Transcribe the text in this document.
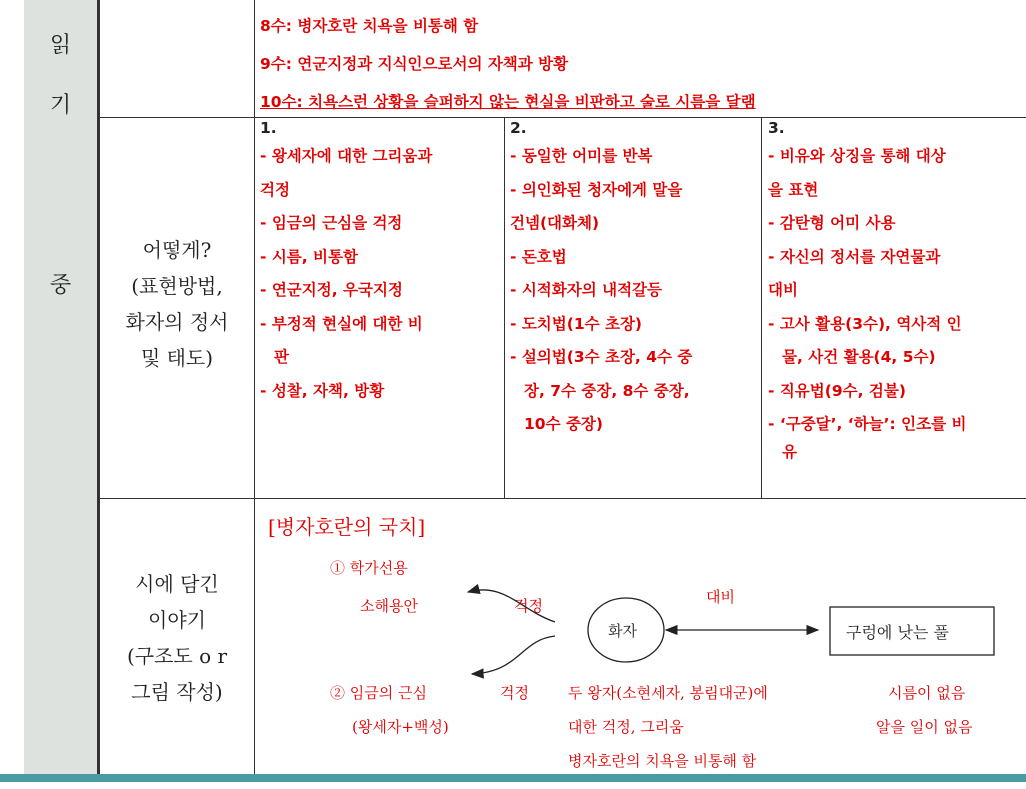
읽
기
중
8수: 병자호란 치욕을 비통해 함
9수: 연군지정과 지식인으로서의 자책과 방황
10수: 치욕스런 상황을 슬퍼하지 않는 현실을 비판하고 술로 시름을 달램
어떻게?
(표현방법,
화자의 정서
및 태도)
1.
- 왕세자에 대한 그리움과
걱정
- 임금의 근심을 걱정
- 시름, 비통함
- 연군지정, 우국지정
- 부정적 현실에 대한 비
판
- 성찰, 자책, 방황
2.
- 동일한 어미를 반복
- 의인화된 청자에게 말을
건넴(대화체)
- 돈호법
- 시적화자의 내적갈등
- 도치법(1수 초장)
- 설의법(3수 초장, 4수 중
장, 7수 중장, 8수 중장,
10수 중장)
3.
- 비유와 상징을 통해 대상
을 표현
- 감탄형 어미 사용
- 자신의 정서를 자연물과
대비
- 고사 활용(3수), 역사적 인
물, 사건 활용(4, 5수)
- 직유법(9수, 검불)
- ‘구중달’, ‘하늘’: 인조를 비
유
시에 담긴
이야기
(구조도 o r
그림 작성)
[병자호란의 국치]
① 학가선용
소해용안	걱정	대비
화자	구렁에 낫는 풀
② 임금의 근심	걱정	두 왕자(소현세자, 봉림대군)에	시름이 없음
(왕세자+백성)	대한 걱정, 그리움	알을 일이 없음
병자호란의 치욕을 비통해 함
